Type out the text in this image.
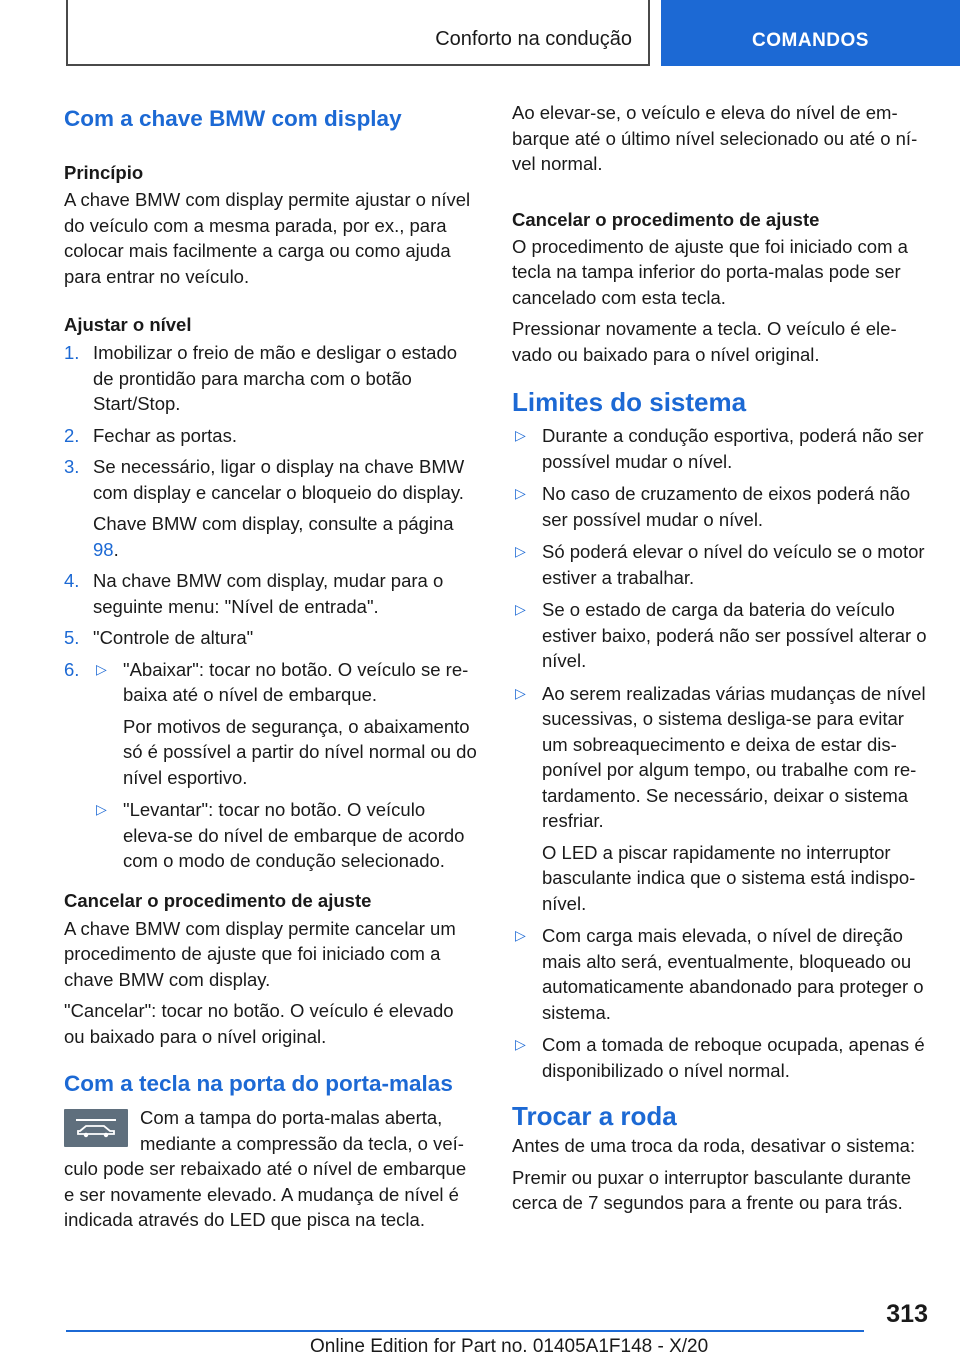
Conforto na condução	COMANDOS
Com a chave BMW com display
Princípio

A chave BMW com display permite ajustar o nível do veículo com a mesma parada, por ex., para colocar mais facilmente a carga ou como ajuda para entrar no veículo.

Ajustar o nível
1. Imobilizar o freio de mão e desligar o estado de prontidão para marcha com o botão Start/Stop.
2. Fechar as portas.
3. Se necessário, ligar o display na chave BMW com display e cancelar o bloqueio do display.
Chave BMW com display, consulte a página 98.
4. Na chave BMW com display, mudar para o seguinte menu: "Nível de entrada".
5. "Controle de altura"
6. ▷ "Abaixar": tocar no botão. O veículo se rebaixa até o nível de embarque.
Por motivos de segurança, o abaixamento só é possível a partir do nível normal ou do nível esportivo.
▷ "Levantar": tocar no botão. O veículo eleva-se do nível de embarque de acordo com o modo de condução selecionado.
Cancelar o procedimento de ajuste

A chave BMW com display permite cancelar um procedimento de ajuste que foi iniciado com a chave BMW com display.

"Cancelar": tocar no botão. O veículo é elevado ou baixado para o nível original.

Com a tecla na porta do porta-malas

Com a tampa do porta-malas aberta, mediante a compressão da tecla, o veículo pode ser rebaixado até o nível de embarque e ser novamente elevado. A mudança de nível é indicada através do LED que pisca na tecla.

Ao elevar-se, o veículo e eleva do nível de embarque até o último nível selecionado ou até o nível normal.

Cancelar o procedimento de ajuste

O procedimento de ajuste que foi iniciado com a tecla na tampa inferior do porta-malas pode ser cancelado com esta tecla.

Pressionar novamente a tecla. O veículo é elevado ou baixado para o nível original.

Limites do sistema
▷ Durante a condução esportiva, poderá não ser possível mudar o nível.
▷ No caso de cruzamento de eixos poderá não ser possível mudar o nível.
▷ Só poderá elevar o nível do veículo se o motor estiver a trabalhar.
▷ Se o estado de carga da bateria do veículo estiver baixo, poderá não ser possível alterar o nível.
▷ Ao serem realizadas várias mudanças de nível sucessivas, o sistema desliga-se para evitar um sobreaquecimento e deixa de estar disponível por algum tempo, ou trabalhe com retardamento. Se necessário, deixar o sistema resfriar.
O LED a piscar rapidamente no interruptor basculante indica que o sistema está indisponível.
▷ Com carga mais elevada, o nível de direção mais alto será, eventualmente, bloqueado ou automaticamente abandonado para proteger o sistema.
▷ Com a tomada de reboque ocupada, apenas é disponibilizado o nível normal.
Trocar a roda

Antes de uma troca da roda, desativar o sistema:

Premir ou puxar o interruptor basculante durante cerca de 7 segundos para a frente ou para trás.

313
Online Edition for Part no. 01405A1F148 - X/20
